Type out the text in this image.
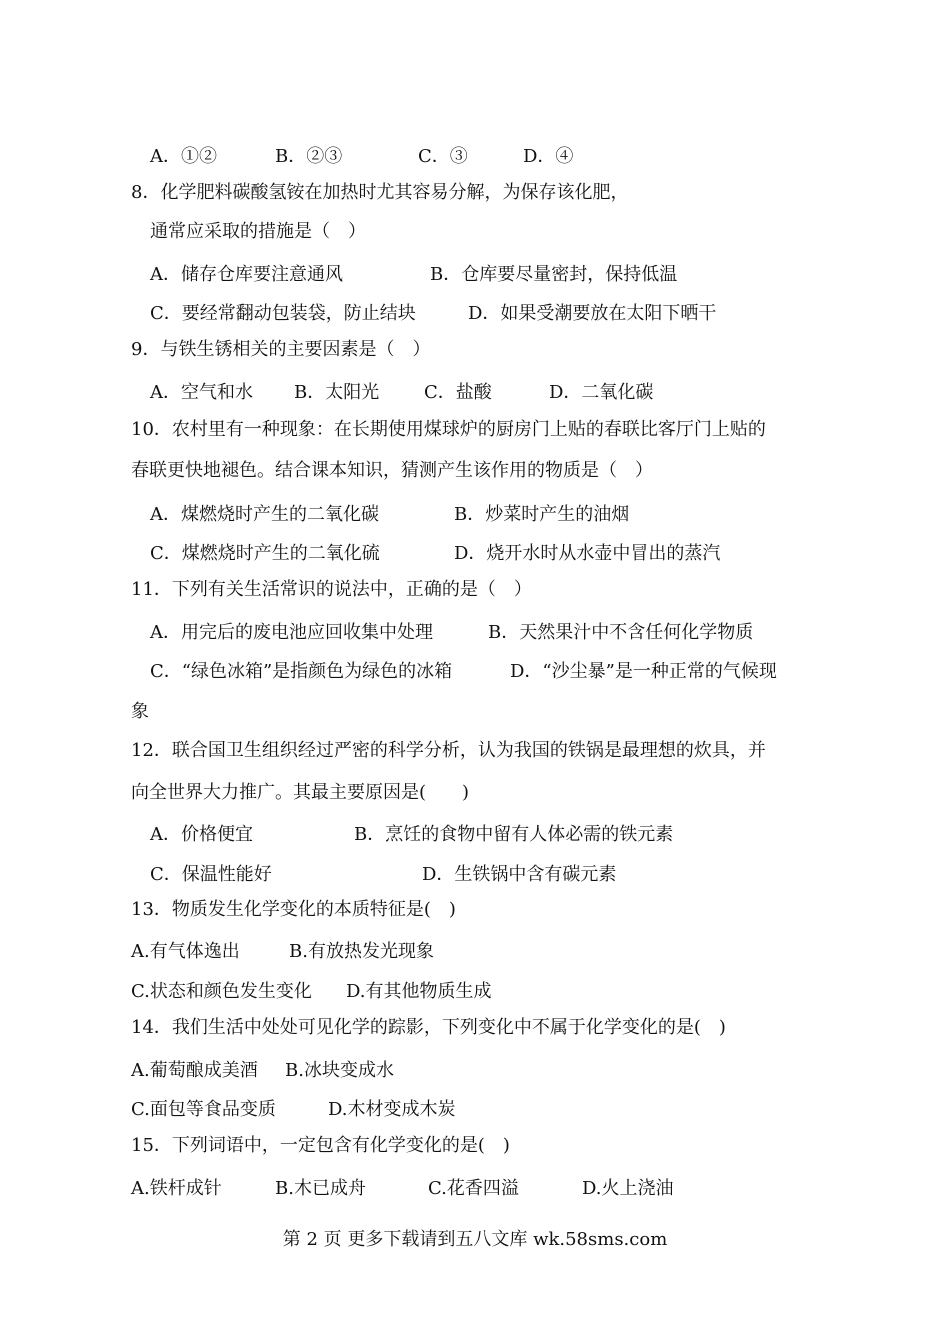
A．①②	B．②③	C．③	D．④
8．化学肥料碳酸氢铵在加热时尤其容易分解，为保存该化肥，
通常应采取的措施是（　）
A．储存仓库要注意通风	B．仓库要尽量密封，保持低温
C．要经常翻动包装袋，防止结块	D．如果受潮要放在太阳下晒干
9．与铁生锈相关的主要因素是（　）
A．空气和水 B．太阳光 C．盐酸	D．二氧化碳
10．农村里有一种现象：在长期使用煤球炉的厨房门上贴的春联比客厅门上贴的
春联更快地褪色。结合课本知识，猜测产生该作用的物质是（　）
A．煤燃烧时产生的二氧化碳	B．炒菜时产生的油烟
C．煤燃烧时产生的二氧化硫	D．烧开水时从水壶中冒出的蒸汽
11．下列有关生活常识的说法中，正确的是（　）
A．用完后的废电池应回收集中处理	B．天然果汁中不含任何化学物质
C．“绿色冰箱”是指颜色为绿色的冰箱	D．“沙尘暴”是一种正常的气候现
象
12．联合国卫生组织经过严密的科学分析，认为我国的铁锅是最理想的炊具，并
向全世界大力推广。其最主要原因是(　　)
A．价格便宜	B．烹饪的食物中留有人体必需的铁元素
C．保温性能好	D．生铁锅中含有碳元素
13．物质发生化学变化的本质特征是(　)
A.有气体逸出	B.有放热发光现象
C.状态和颜色发生变化 D.有其他物质生成
14．我们生活中处处可见化学的踪影，下列变化中不属于化学变化的是(　)
A.葡萄酿成美酒 B.冰块变成水
C.面包等食品变质	D.木材变成木炭
15．下列词语中，一定包含有化学变化的是(　)
A.铁杆成针	B.木已成舟	C.花香四溢	D.火上浇油
第 2 页 更多下载请到五八文库 wk.58sms.com
